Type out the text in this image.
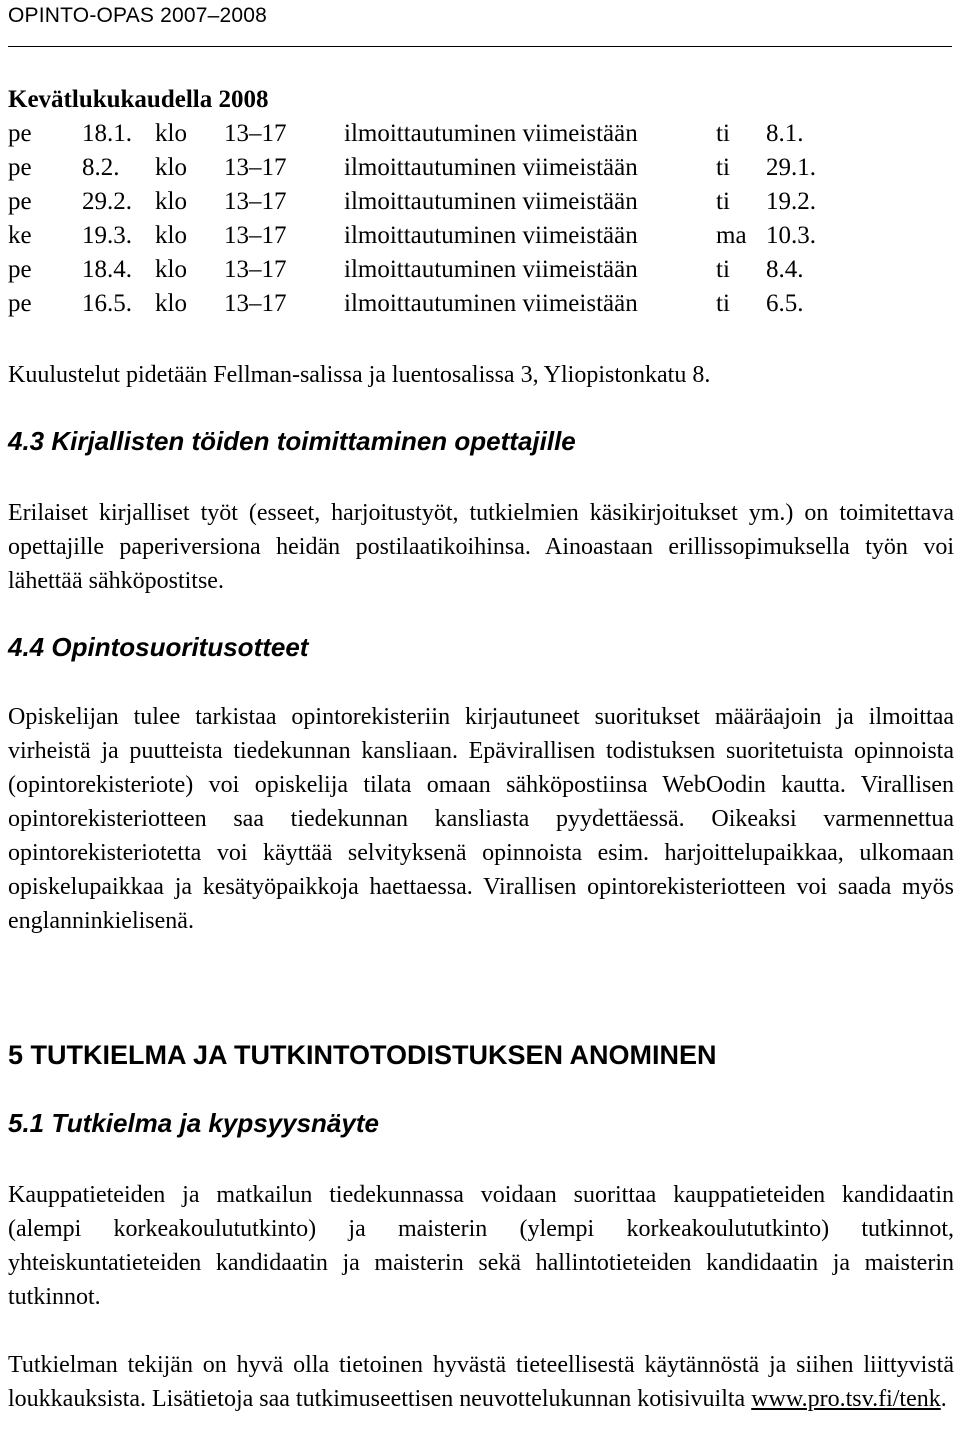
OPINTO-OPAS 2007–2008
Kevätlukukaudella 2008
pe 18.1. klo 13–17 ilmoittautuminen viimeistään	ti 8.1.
pe 8.2. klo 13–17 ilmoittautuminen viimeistään	ti 29.1.
pe 29.2. klo 13–17 ilmoittautuminen viimeistään	ti 19.2.
ke 19.3. klo 13–17 ilmoittautuminen viimeistään	ma 10.3.
pe 18.4. klo 13–17 ilmoittautuminen viimeistään	ti 8.4.
pe 16.5. klo 13–17 ilmoittautuminen viimeistään	ti 6.5.

Kuulustelut pidetään Fellman-salissa ja luentosalissa 3, Yliopistonkatu 8.

4.3 Kirjallisten töiden toimittaminen opettajille

Erilaiset kirjalliset työt (esseet, harjoitustyöt, tutkielmien käsikirjoitukset ym.) on toimitettava opettajille paperiversiona heidän postilaatikoihinsa. Ainoastaan erillissopimuksella työn voi lähettää sähköpostitse.

4.4 Opintosuoritusotteet

Opiskelijan tulee tarkistaa opintorekisteriin kirjautuneet suoritukset määräajoin ja ilmoittaa virheistä ja puutteista tiedekunnan kansliaan. Epävirallisen todistuksen suoritetuista opinnoista (opintorekisteriote) voi opiskelija tilata omaan sähköpostiinsa WebOodin kautta. Virallisen opintorekisteriotteen saa tiedekunnan kansliasta pyydettäessä. Oikeaksi varmennettua opintorekisteriotetta voi käyttää selvityksenä opinnoista esim. harjoittelupaikkaa, ulkomaan opiskelupaikkaa ja kesätyöpaikkoja haettaessa. Virallisen opintorekisteriotteen voi saada myös englanninkielisenä.

5 TUTKIELMA JA TUTKINTOTODISTUKSEN ANOMINEN
5.1 Tutkielma ja kypsyysnäyte

Kauppatieteiden ja matkailun tiedekunnassa voidaan suorittaa kauppatieteiden kandidaatin (alempi korkeakoulututkinto) ja maisterin (ylempi korkeakoulututkinto) tutkinnot, yhteiskuntatieteiden kandidaatin ja maisterin sekä hallintotieteiden kandidaatin ja maisterin tutkinnot.

Tutkielman tekijän on hyvä olla tietoinen hyvästä tieteellisestä käytännöstä ja siihen liittyvistä loukkauksista. Lisätietoja saa tutkimuseettisen neuvottelukunnan kotisivuilta www.pro.tsv.fi/tenk.
